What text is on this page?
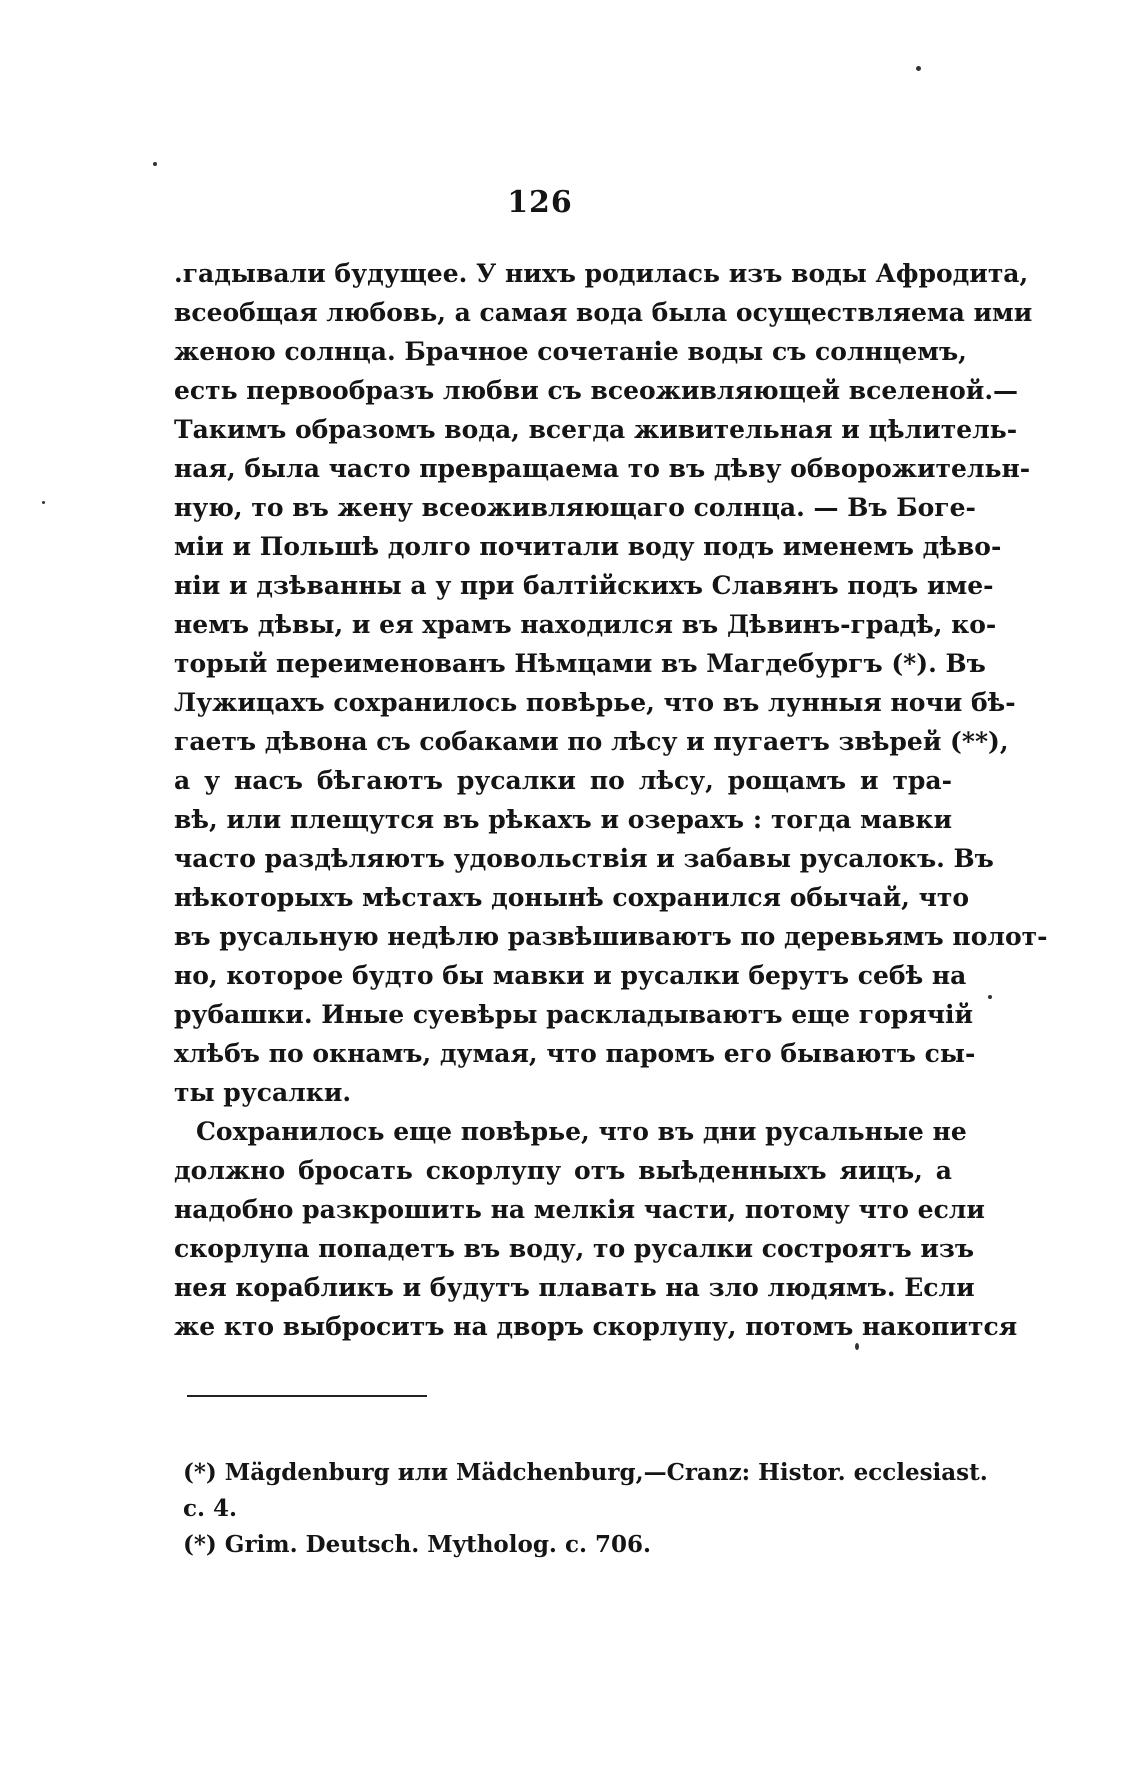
126
.гадывали будущее. У нихъ родилась изъ воды Афродита,
всеобщая любовь, а самая вода была осуществляема ими
женою солнца. Брачное сочетаніе воды съ солнцемъ,
есть первообразъ любви съ всеоживляющей вселеной.—
Такимъ образомъ вода, всегда живительная и цѣлитель-
ная, была часто превращаема то въ дѣву обворожительн-
ную, то въ жену всеоживляющаго солнца. — Въ Боге-
міи и Польшѣ долго почитали воду подъ именемъ дѣво-
ніи и дзѣванны а у при балтійскихъ Славянъ подъ име-
немъ дѣвы, и ея храмъ находился въ Дѣвинъ-градѣ, ко-
торый переименованъ Нѣмцами въ Магдебургъ (*). Въ
Лужицахъ сохранилось повѣрье, что въ лунныя ночи бѣ-
гаетъ дѣвона съ собаками по лѣсу и пугаетъ звѣрей (**),
а у насъ бѣгаютъ русалки по лѣсу, рощамъ и тра-
вѣ, или плещутся въ рѣкахъ и озерахъ : тогда мавки
часто раздѣляютъ удовольствія и забавы русалокъ. Въ
нѣкоторыхъ мѣстахъ донынѣ сохранился обычай, что
въ русальную недѣлю развѣшиваютъ по деревьямъ полот-
но, которое будто бы мавки и русалки берутъ себѣ на
рубашки. Иные суевѣры раскладываютъ еще горячій
хлѣбъ по окнамъ, думая, что паромъ его бываютъ сы-
ты русалки.
Сохранилось еще повѣрье, что въ дни русальные не
должно бросать скорлупу отъ выѣденныхъ яицъ, а
надобно разкрошить на мелкія части, потому что если
скорлупа попадетъ въ воду, то русалки состроятъ изъ
нея корабликъ и будутъ плавать на зло людямъ. Если
же кто выброситъ на дворъ скорлупу, потомъ накопится
(*) Mägdenburg или Mädchenburg,—Cranz: Histor. ecclesiast.
c. 4.
(*) Grim. Deutsch. Mytholog. c. 706.
